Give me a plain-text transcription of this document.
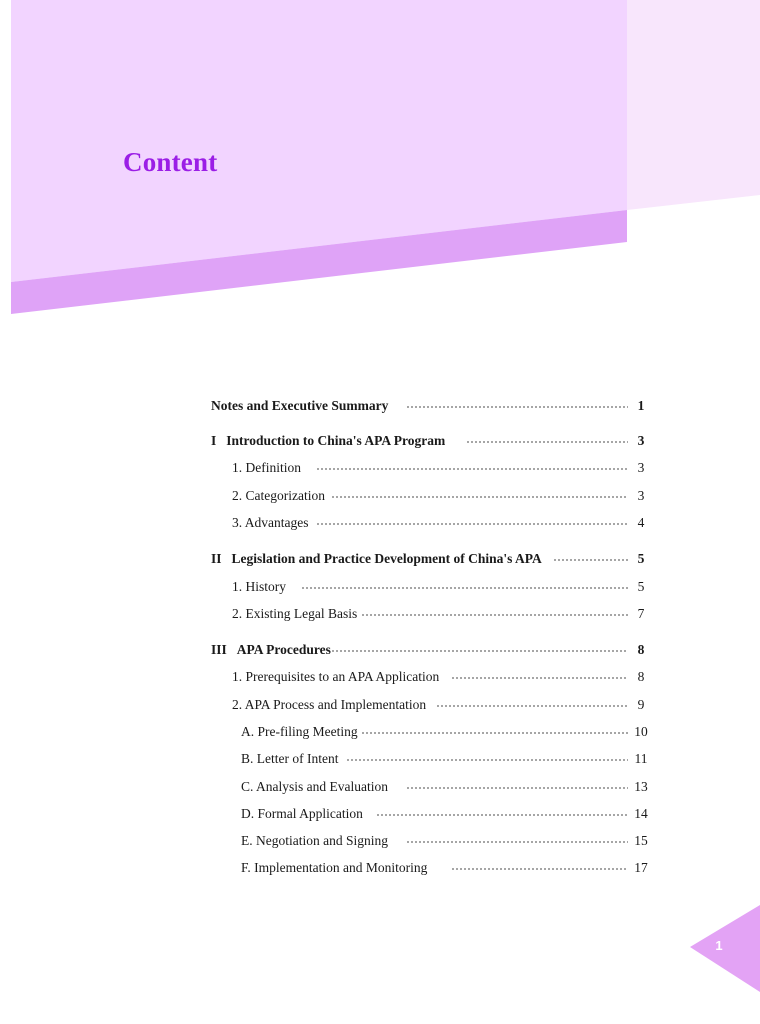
Content
Notes and Executive Summary	1
I Introduction to China's APA Program	3
1. Definition	3
2. Categorization	3
3. Advantages	4
II Legislation and Practice Development of China's APA	5
1. History	5
2. Existing Legal Basis	7
III APA Procedures	8
1. Prerequisites to an APA Application	8
2. APA Process and Implementation	9
A. Pre-filing Meeting	10
B. Letter of Intent	11
C. Analysis and Evaluation	13
D. Formal Application	14
E. Negotiation and Signing	15
F. Implementation and Monitoring	17
1
